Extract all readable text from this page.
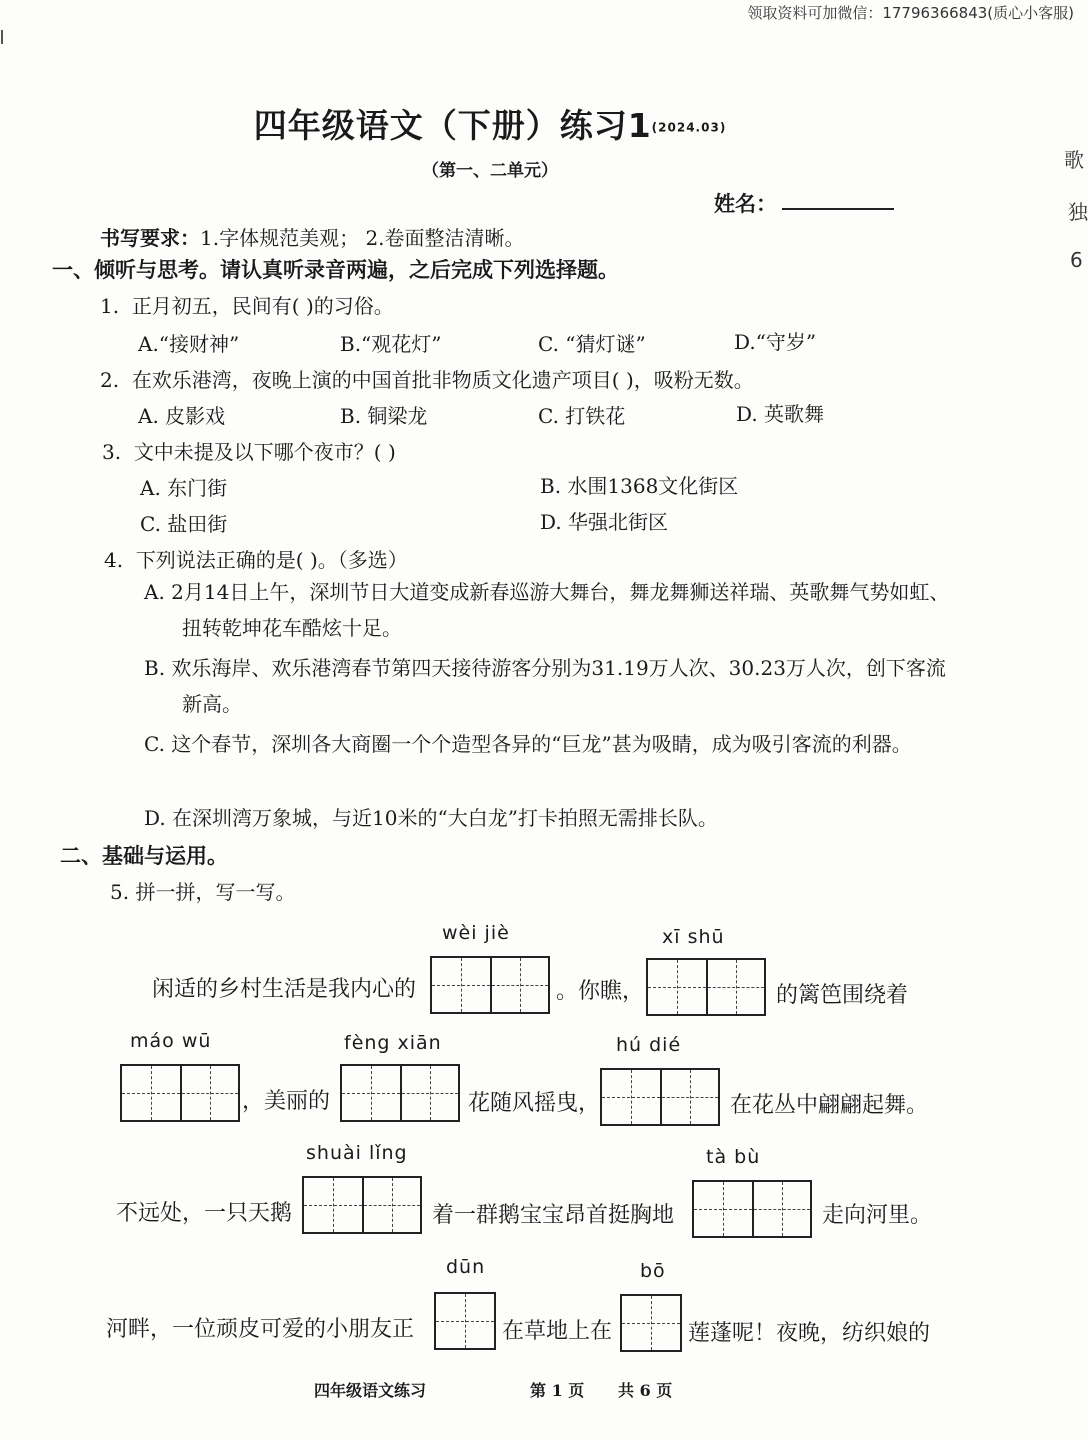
领取资料可加微信：17796366843(质心小客服)
四年级语文（下册）练习1(2024.03)
（第一、二单元）
姓名：
歌
独
6
书写要求：1.字体规范美观； 2.卷面整洁清晰。
一、倾听与思考。请认真听录音两遍，之后完成下列选择题。
1. 正月初五，民间有( )的习俗。
A.“接财神”	B.“观花灯”	C. “猜灯谜”	D.“守岁”
2. 在欢乐港湾，夜晚上演的中国首批非物质文化遗产项目( )，吸粉无数。
A. 皮影戏	B. 铜梁龙	C. 打铁花	D. 英歌舞
3. 文中未提及以下哪个夜市？( )
A. 东门街	B. 水围1368文化街区
C. 盐田街	D. 华强北街区
4. 下列说法正确的是( )。（多选）
A. 2月14日上午，深圳节日大道变成新春巡游大舞台，舞龙舞狮送祥瑞、英歌舞气势如虹、扭转乾坤花车酷炫十足。
B. 欢乐海岸、欢乐港湾春节第四天接待游客分别为31.19万人次、30.23万人次，创下客流新高。
C. 这个春节，深圳各大商圈一个个造型各异的“巨龙”甚为吸睛，成为吸引客流的利器。
D. 在深圳湾万象城，与近10米的“大白龙”打卡拍照无需排长队。
二、基础与运用。
5. 拼一拼，写一写。
wèi jiè	xī shū
闲适的乡村生活是我内心的	。你瞧，	的篱笆围绕着
máo wū	fèng xiān	hú dié
，美丽的	花随风摇曳，	在花丛中翩翩起舞。
shuài lǐng	tà bù
不远处，一只天鹅	着一群鹅宝宝昂首挺胸地	走向河里。
dūn	bō
河畔，一位顽皮可爱的小朋友正	在草地上在	莲蓬呢！夜晚，纺织娘的
四年级语文练习	第 1 页 共 6 页
